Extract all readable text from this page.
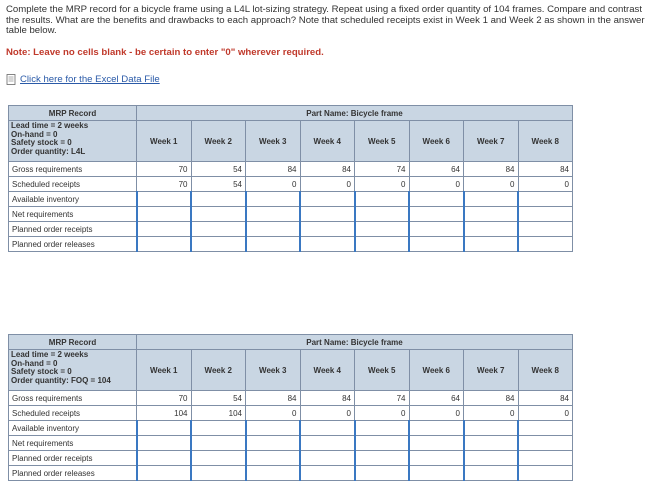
Complete the MRP record for a bicycle frame using a L4L lot-sizing strategy. Repeat using a fixed order quantity of 104 frames. Compare and contrast the results. What are the benefits and drawbacks to each approach? Note that scheduled receipts exist in Week 1 and Week 2 as shown in the answer table below.
Note: Leave no cells blank - be certain to enter "0" wherever required.
Click here for the Excel Data File
MRP Record	Part Name: Bicycle frame							

Lead time = 2 weeks
On-hand = 0
Safety stock = 0
Order quantity: L4L	Week 1	Week 2	Week 3	Week 4	Week 5	Week 6	Week 7	Week 8
Gross requirements	70	54	84	84	74	64	84	84
Scheduled receipts	70	54	0	0	0	0	0	0
Available inventory								
Net requirements								
Planned order receipts								
Planned order releases								
MRP Record	Part Name: Bicycle frame							

Lead time = 2 weeks
On-hand = 0
Safety stock = 0
Order quantity: FOQ = 104	Week 1	Week 2	Week 3	Week 4	Week 5	Week 6	Week 7	Week 8
Gross requirements	70	54	84	84	74	64	84	84
Scheduled receipts	104	104	0	0	0	0	0	0
Available inventory								
Net requirements								
Planned order receipts								
Planned order releases								
